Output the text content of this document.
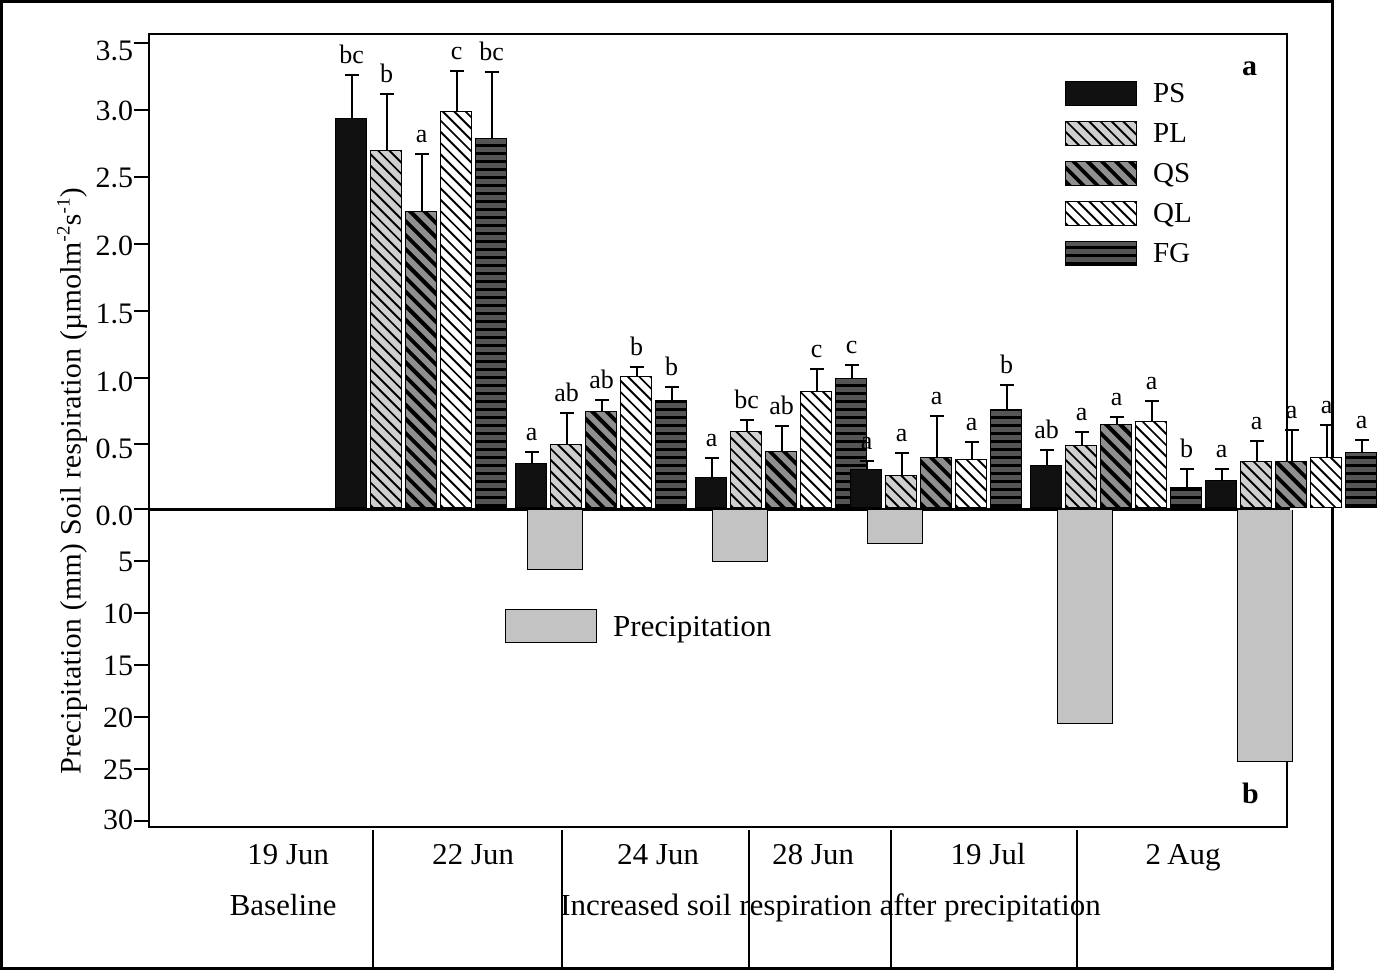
Precipitation (mm) Soil respiration $(\mu molm^{-2}s^{-1})$
0.0
0.5
1.0
1.5
2.0
2.5
3.0
3.5
5
10
15
20
25
30
a
b
bc
b
a
c bc
a
ab ab
b
b
a
bc ab
c c
a a
a
a
b
ab
a
a
a
b a
a a a
a
PS
PL
QS
QL
FG
Precipitation
19 Jun	22 Jun	24 Jun	28 Jun	19 Jul	2 Aug
Baseline	Increased soil respiration after precipitation
